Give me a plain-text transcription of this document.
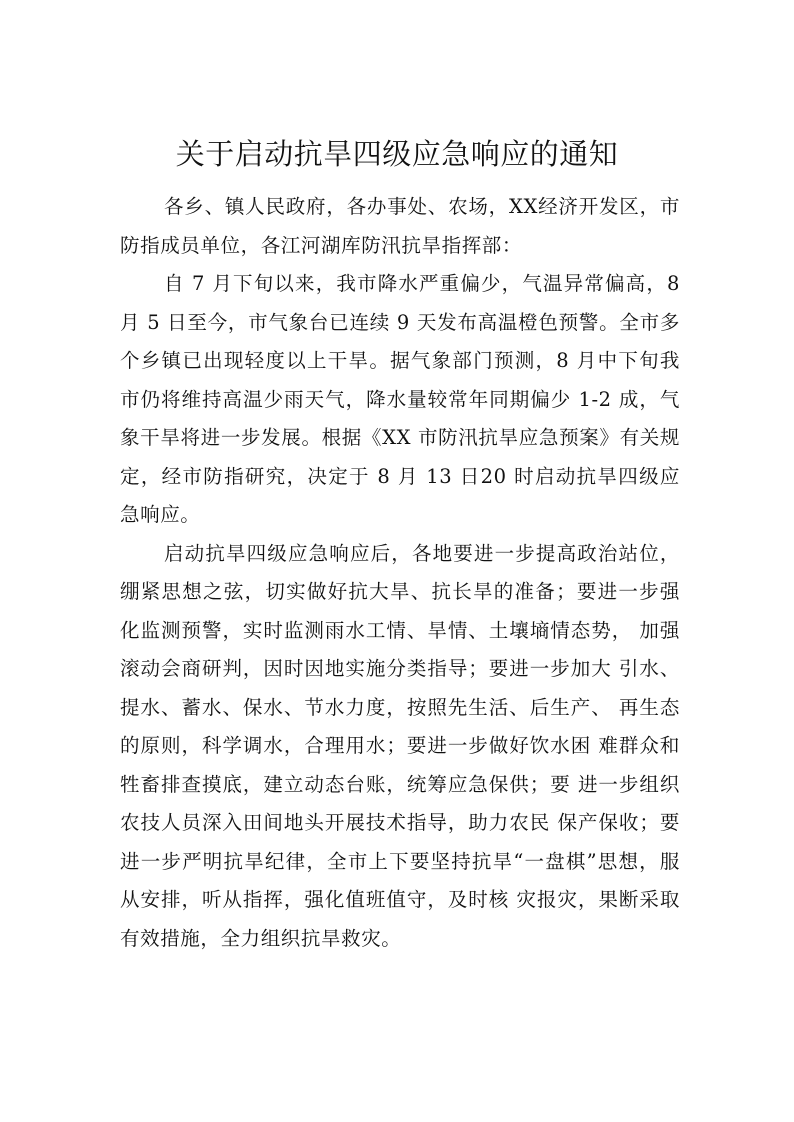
关于启动抗旱四级应急响应的通知

各乡、镇人民政府，各办事处、农场，XX经济开发区，市防指成员单位，各江河湖库防汛抗旱指挥部：

自 7 月下旬以来，我市降水严重偏少，气温异常偏高，8 月 5 日至今，市气象台已连续 9 天发布高温橙色预警。全市多个乡镇已出现轻度以上干旱。据气象部门预测，8 月中下旬我市仍将维持高温少雨天气，降水量较常年同期偏少 1-2 成，气象干旱将进一步发展。根据《XX 市防汛抗旱应急预案》有关规定，经市防指研究，决定于 8 月 13 日20 时启动抗旱四级应急响应。

启动抗旱四级应急响应后，各地要进一步提高政治站位，绷紧思想之弦，切实做好抗大旱、抗长旱的准备；要进一步强化监测预警，实时监测雨水工情、旱情、土壤墒情态势， 加强滚动会商研判，因时因地实施分类指导；要进一步加大 引水、提水、蓄水、保水、节水力度，按照先生活、后生产、 再生态的原则，科学调水，合理用水；要进一步做好饮水困 难群众和牲畜排查摸底，建立动态台账，统筹应急保供；要 进一步组织农技人员深入田间地头开展技术指导，助力农民 保产保收；要进一步严明抗旱纪律，全市上下要坚持抗旱“一盘棋”思想，服从安排，听从指挥，强化值班值守，及时核 灾报灾，果断采取有效措施，全力组织抗旱救灾。
